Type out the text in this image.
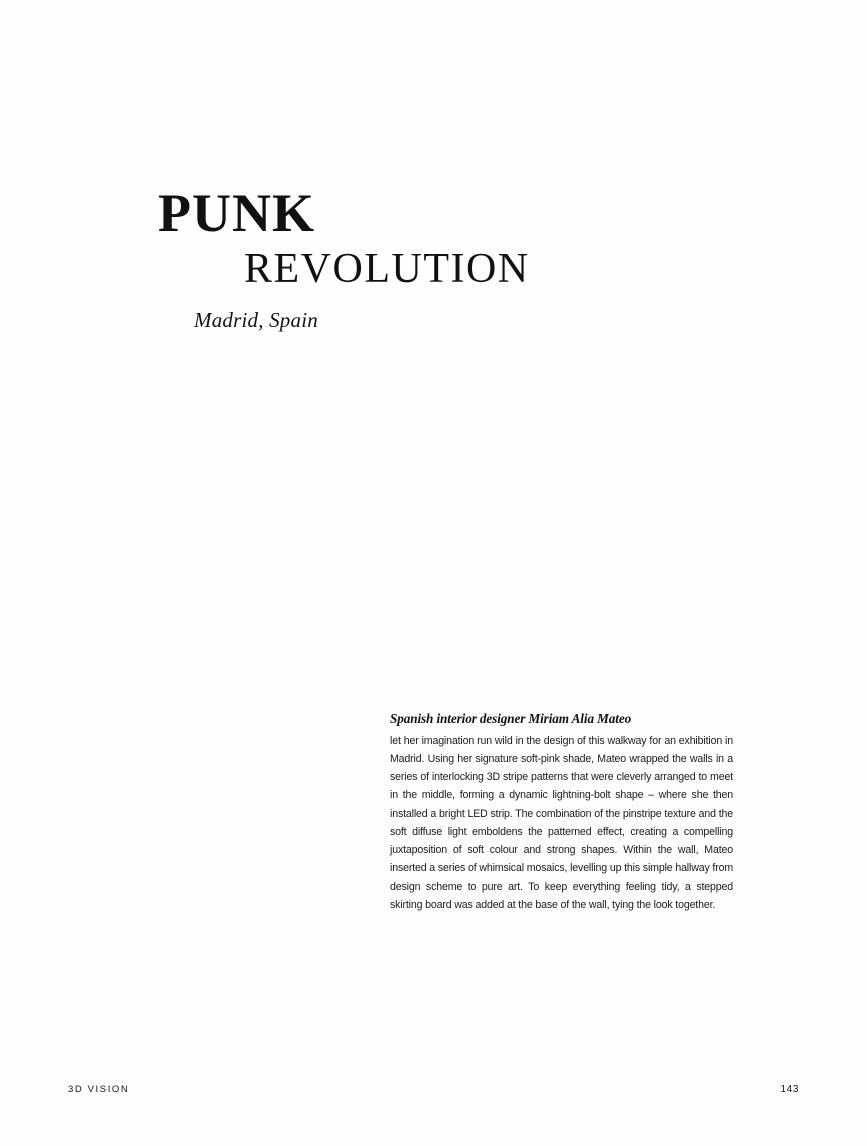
PUNK
REVOLUTION
Madrid, Spain

Spanish interior designer Miriam Alia Mateo

let her imagination run wild in the design of this walkway for an exhibition in Madrid. Using her signature soft-pink shade, Mateo wrapped the walls in a series of interlocking 3D stripe patterns that were cleverly arranged to meet in the middle, forming a dynamic lightning-bolt shape – where she then installed a bright LED strip. The combination of the pinstripe texture and the soft diffuse light emboldens the patterned effect, creating a compelling juxtaposition of soft colour and strong shapes. Within the wall, Mateo inserted a series of whimsical mosaics, levelling up this simple hallway from design scheme to pure art. To keep everything feeling tidy, a stepped skirting board was added at the base of the wall, tying the look together.

3D VISION	143
